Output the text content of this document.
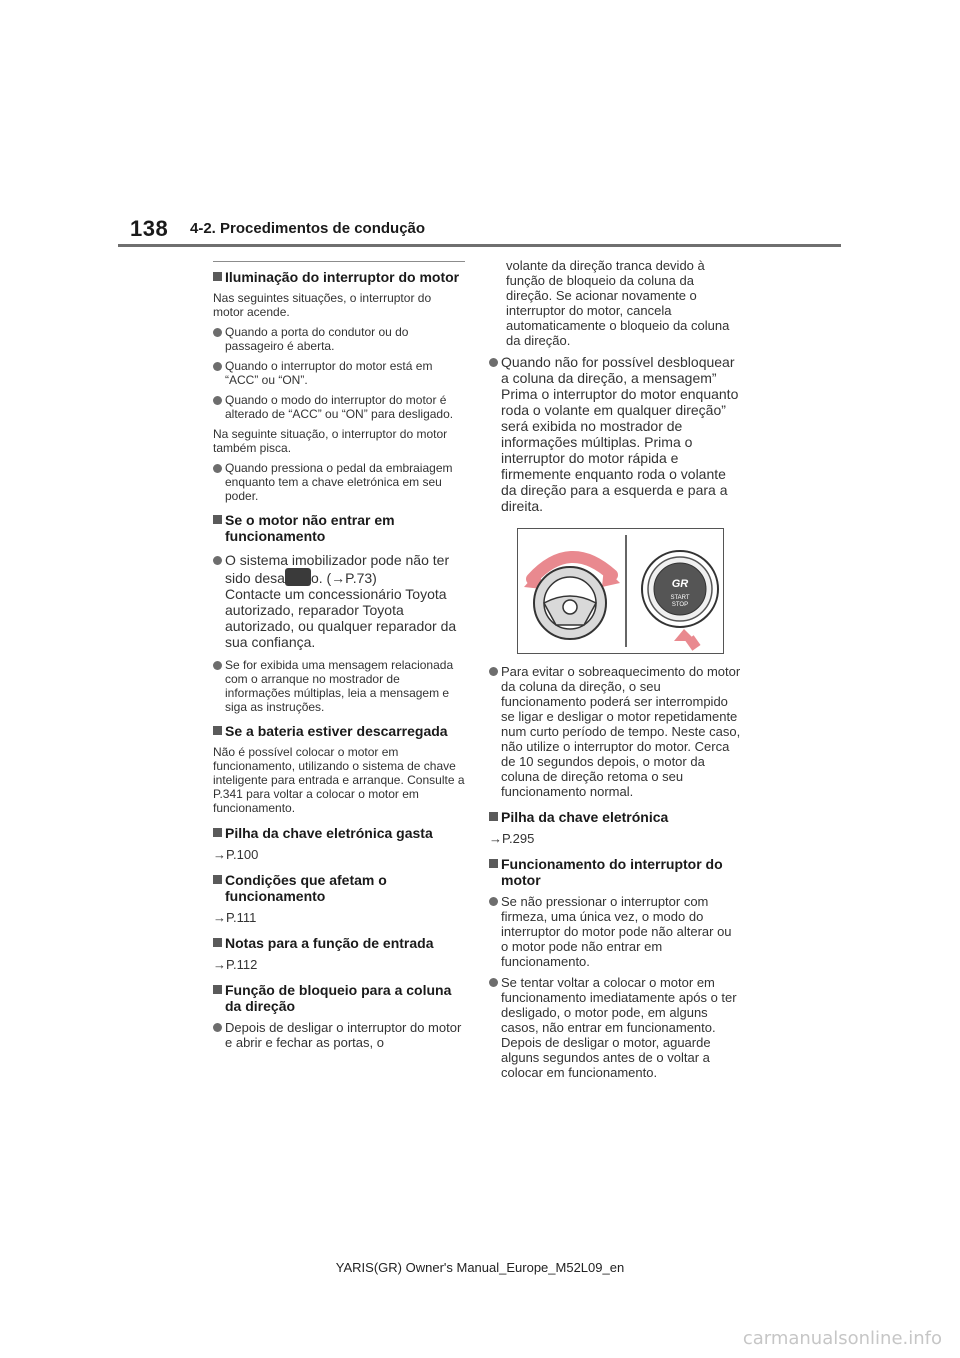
138 4-2. Procedimentos de condução
Iluminação do interruptor do motor
Nas seguintes situações, o interruptor do motor acende.
Quando a porta do condutor ou do passageiro é aberta.
Quando o interruptor do motor está em “ACC” ou “ON”.
Quando o modo do interruptor do motor é alterado de “ACC” ou “ON” para desligado.
Na seguinte situação, o interruptor do motor também pisca.
Quando pressiona o pedal da embraiagem enquanto tem a chave eletrónica em seu poder.
Se o motor não entrar em funcionamento
O sistema imobilizador pode não ter sido desa o. (→P.73)
Contacte um concessionário Toyota autorizado, reparador Toyota autorizado, ou qualquer reparador da sua confiança.
Se for exibida uma mensagem relacionada com o arranque no mostrador de informações múltiplas, leia a mensagem e siga as instruções.
Se a bateria estiver descarregada
Não é possível colocar o motor em funcionamento, utilizando o sistema de chave inteligente para entrada e arranque. Consulte a P.341 para voltar a colocar o motor em funcionamento.
Pilha da chave eletrónica gasta
→P.100
Condições que afetam o funcionamento
→P.111
Notas para a função de entrada
→P.112
Função de bloqueio para a coluna da direção
Depois de desligar o interruptor do motor e abrir e fechar as portas, o
volante da direção tranca devido à função de bloqueio da coluna da direção. Se acionar novamente o interruptor do motor, cancela automaticamente o bloqueio da coluna da direção.
Quando não for possível desbloquear a coluna da direção, a mensagem” Prima o interruptor do motor enquanto roda o volante em qualquer direção” será exibida no mostrador de informações múltiplas. Prima o interruptor do motor rápida e firmemente enquanto roda o volante da direção para a esquerda e para a direita.
GR
START
STOP
Para evitar o sobreaquecimento do motor da coluna da direção, o seu funcionamento poderá ser interrompido se ligar e desligar o motor repetidamente num curto período de tempo. Neste caso, não utilize o interruptor do motor. Cerca de 10 segundos depois, o motor da coluna de direção retoma o seu funcionamento normal.
Pilha da chave eletrónica
→P.295
Funcionamento do interruptor do motor
Se não pressionar o interruptor com firmeza, uma única vez, o modo do interruptor do motor pode não alterar ou o motor pode não entrar em funcionamento.
Se tentar voltar a colocar o motor em funcionamento imediatamente após o ter desligado, o motor pode, em alguns casos, não entrar em funcionamento. Depois de desligar o motor, aguarde alguns segundos antes de o voltar a colocar em funcionamento.
YARIS(GR) Owner's Manual_Europe_M52L09_en
carmanualsonline.info
